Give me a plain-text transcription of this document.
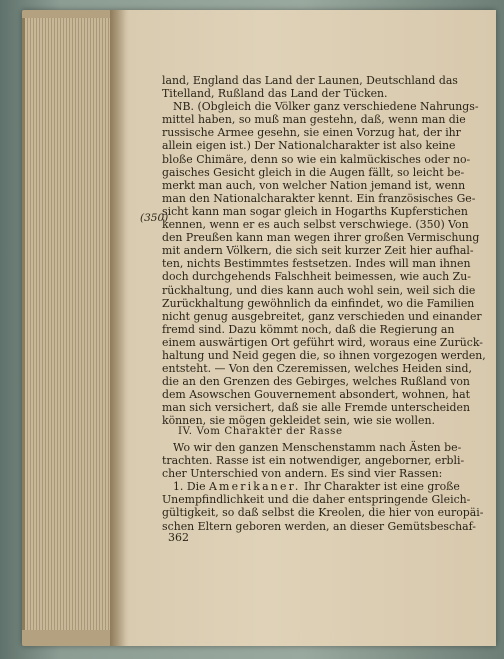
(350)
land, England das Land der Launen, Deutschland das
Titelland, Rußland das Land der Tücken.
NB. (Obgleich die Völker ganz verschiedene Nahrungs-
mittel haben, so muß man gestehn, daß, wenn man die
russische Armee gesehn, sie einen Vorzug hat, der ihr
allein eigen ist.) Der Nationalcharakter ist also keine
bloße Chimäre, denn so wie ein kalmückisches oder no-
gaisches Gesicht gleich in die Augen fällt, so leicht be-
merkt man auch, von welcher Nation jemand ist, wenn
man den Nationalcharakter kennt. Ein französisches Ge-
sicht kann man sogar gleich in Hogarths Kupferstichen
kennen, wenn er es auch selbst verschwiege. (350) Von
den Preußen kann man wegen ihrer großen Vermischung
mit andern Völkern, die sich seit kurzer Zeit hier aufhal-
ten, nichts Bestimmtes festsetzen. Indes will man ihnen
doch durchgehends Falschheit beimessen, wie auch Zu-
rückhaltung, und dies kann auch wohl sein, weil sich die
Zurückhaltung gewöhnlich da einfindet, wo die Familien
nicht genug ausgebreitet, ganz verschieden und einander
fremd sind. Dazu kömmt noch, daß die Regierung an
einem auswärtigen Ort geführt wird, woraus eine Zurück-
haltung und Neid gegen die, so ihnen vorgezogen werden,
entsteht. — Von den Czeremissen, welches Heiden sind,
die an den Grenzen des Gebirges, welches Rußland von
dem Asowschen Gouvernement absondert, wohnen, hat
man sich versichert, daß sie alle Fremde unterscheiden
können, sie mögen gekleidet sein, wie sie wollen.
IV. Vom Charakter der Rasse
Wo wir den ganzen Menschenstamm nach Ästen be-
trachten. Rasse ist ein notwendiger, angeborner, erbli-
cher Unterschied von andern. Es sind vier Rassen:
1. Die Amerikaner. Ihr Charakter ist eine große
Unempfindlichkeit und die daher entspringende Gleich-
gültigkeit, so daß selbst die Kreolen, die hier von europäi-
schen Eltern geboren werden, an dieser Gemütsbeschaf-
362
